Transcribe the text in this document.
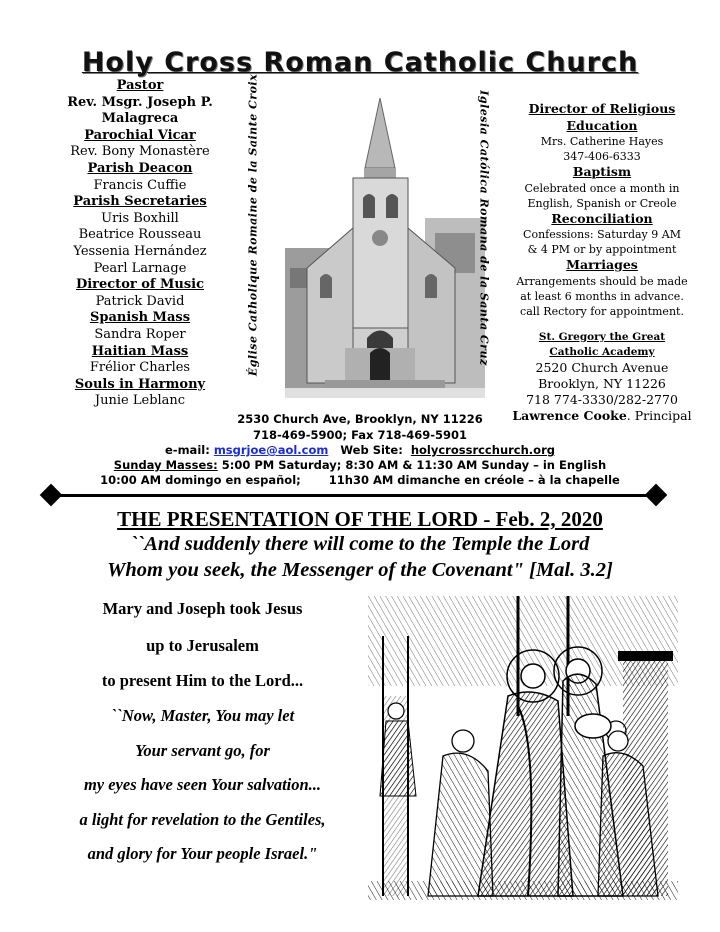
Holy Cross Roman Catholic Church
Pastor
Rev. Msgr. Joseph P.
Malagreca
Parochial Vicar
Rev. Bony Monastère
Parish Deacon
Francis Cuffie
Parish Secretaries
Uris Boxhill
Beatrice Rousseau
Yessenia Hernández
Pearl Larnage
Director of Music
Patrick David
Spanish Mass
Sandra Roper
Haitian Mass
Frélior Charles
Souls in Harmony
Junie Leblanc
Église Catholique Romaine de la Sainte Croix	Iglesia Católica Romana de la Santa Cruz	Director of Religious
Education
Mrs. Catherine Hayes
347-406-6333
Baptism
Celebrated once a month in
English, Spanish or Creole
Reconciliation
Confessions: Saturday 9 AM
& 4 PM or by appointment
Marriages
Arrangements should be made
at least 6 months in advance.
call Rectory for appointment.
St. Gregory the Great
Catholic Academy
2520 Church Avenue
Brooklyn, NY 11226
718 774-3330/282-2770
Lawrence Cooke. Principal
2530 Church Ave, Brooklyn, NY 11226
718-469-5900; Fax 718-469-5901
e-mail: msgrjoe@aol.com Web Site: holycrossrcchurch.org
Sunday Masses: 5:00 PM Saturday; 8:30 AM & 11:30 AM Sunday – in English
10:00 AM domingo en español; 11h30 AM dimanche en créole – à la chapelle
THE PRESENTATION OF THE LORD - Feb. 2, 2020
``And suddenly there will come to the Temple the Lord
Whom you seek, the Messenger of the Covenant" [Mal. 3.2]
Mary and Joseph took Jesus
up to Jerusalem
to present Him to the Lord...
``Now, Master, You may let
Your servant go, for
my eyes have seen Your salvation...
a light for revelation to the Gentiles,
and glory for Your people Israel."
